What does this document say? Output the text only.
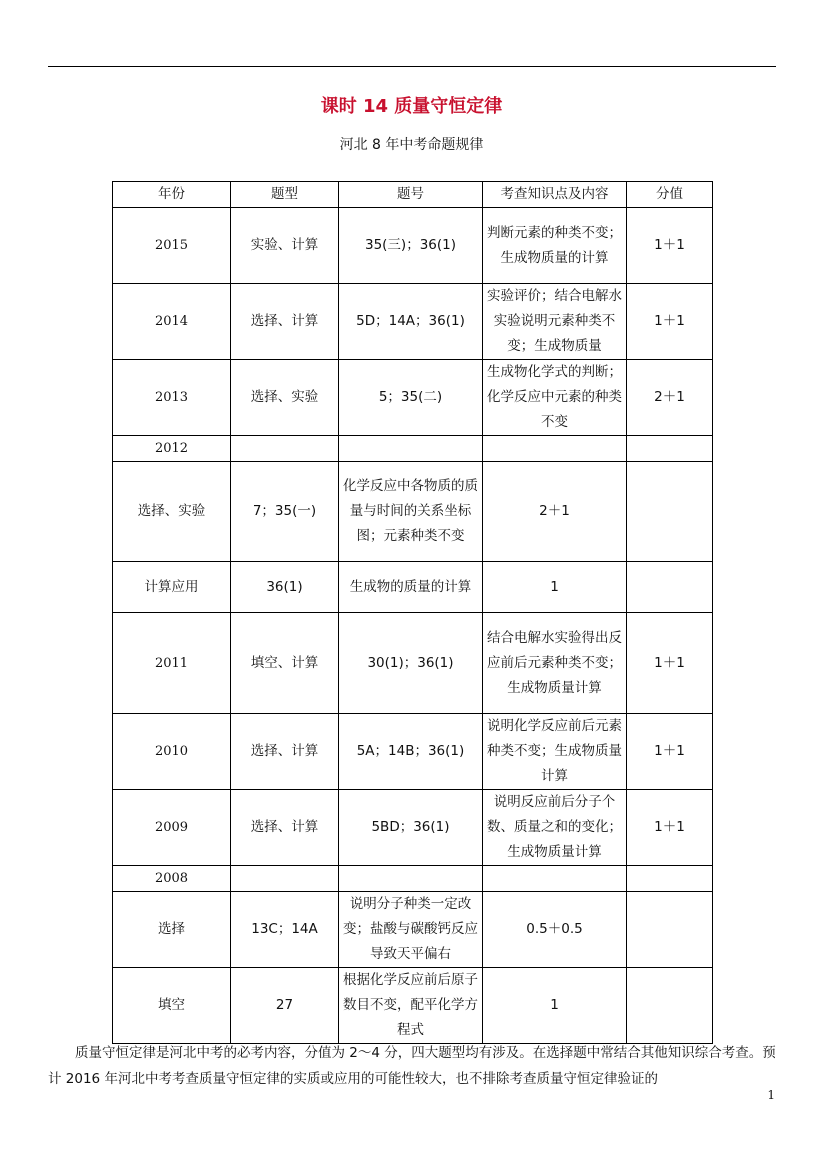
课时 14 质量守恒定律
河北 8 年中考命题规律
年份	题型	题号	考查知识点及内容	分值
2015	实验、计算	35(三)；36(1)	判断元素的种类不变；生成物质量的计算	1＋1
2014	选择、计算	5D；14A；36(1)	实验评价；结合电解水实验说明元素种类不变；生成物质量	1＋1
2013	选择、实验	5；35(二)	生成物化学式的判断；化学反应中元素的种类不变	2＋1
2012				
选择、实验	7；35(一)	化学反应中各物质的质量与时间的关系坐标图；元素种类不变	2＋1	
计算应用	36(1)	生成物的质量的计算	1	
2011	填空、计算	30(1)；36(1)	结合电解水实验得出反应前后元素种类不变；生成物质量计算	1＋1
2010	选择、计算	5A；14B；36(1)	说明化学反应前后元素种类不变；生成物质量计算	1＋1
2009	选择、计算	5BD；36(1)	说明反应前后分子个数、质量之和的变化；生成物质量计算	1＋1
2008				
选择	13C；14A	说明分子种类一定改变；盐酸与碳酸钙反应导致天平偏右	0.5＋0.5	
填空	27	根据化学反应前后原子数目不变，配平化学方程式	1	
质量守恒定律是河北中考的必考内容，分值为 2～4 分，四大题型均有涉及。在选择题中常结合其他知识综合考查。预计 2016 年河北中考考查质量守恒定律的实质或应用的可能性较大，也不排除考查质量守恒定律验证的
1
